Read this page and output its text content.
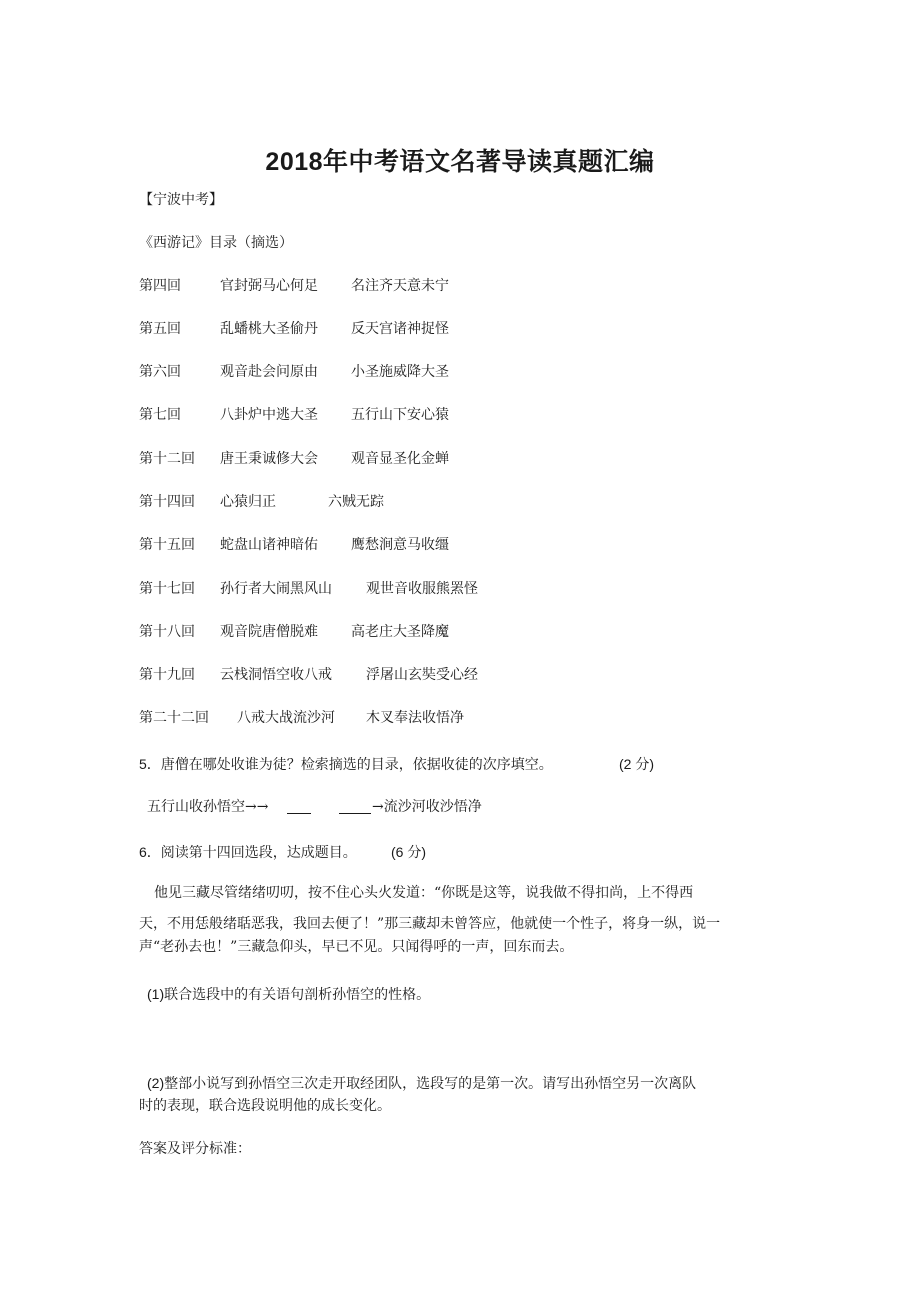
2018年中考语文名著导读真题汇编
【宁波中考】
《西游记》目录（摘选）
第四回	官封弼马心何足 名注齐天意未宁
第五回	乱蟠桃大圣偷丹 反天宫诸神捉怪
第六回	观音赴会问原由 小圣施威降大圣
第七回	八卦炉中逃大圣 五行山下安心猿
第十二回 唐王秉诚修大会 观音显圣化金蝉
第十四回 心猿归正	六贼无踪
第十五回 蛇盘山诸神暗佑 鹰愁涧意马收缰
第十七回 孙行者大闹黑风山 观世音收服熊罴怪
第十八回 观音院唐僧脱难 高老庄大圣降魔
第十九回 云栈洞悟空收八戒 浮屠山玄奘受心经
第二十二回 八戒大战流沙河 木叉奉法收悟净
5．唐僧在哪处收谁为徒？检索摘选的目录，依据收徒的次序填空。	(2 分)
五行山收孙悟空→→	→流沙河收沙悟净
6．阅读第十四回选段，达成题目。 (6 分)
他见三藏尽管绪绪叨叨，按不住心头火发道：“你既是这等，说我做不得扣尚，上不得西
天，不用恁般绪聒恶我，我回去便了！”那三藏却未曾答应，他就使一个性子，将身一纵，说一
声“老孙去也！”三藏急仰头，早已不见。只闻得呼的一声，回东而去。
(1)联合选段中的有关语句剖析孙悟空的性格。
(2)整部小说写到孙悟空三次走开取经团队，选段写的是第一次。请写出孙悟空另一次离队
时的表现，联合选段说明他的成长变化。
答案及评分标准：
